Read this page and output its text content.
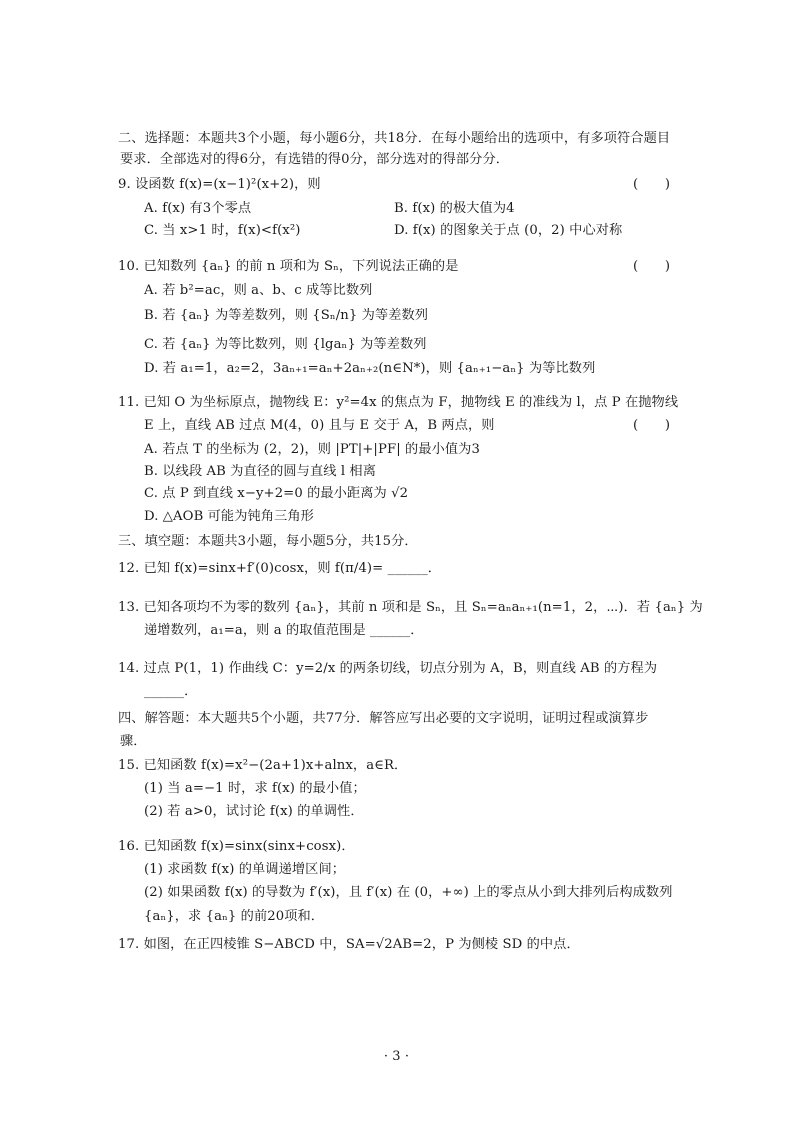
二、选择题：本题共3个小题，每小题6分，共18分．在每小题给出的选项中，有多项符合题目
要求．全部选对的得6分，有选错的得0分，部分选对的得部分分．
9. 设函数 f(x)=(x−1)²(x+2)，则	(　　)
A. f(x) 有3个零点	B. f(x) 的极大值为4
C. 当 x>1 时，f(x)<f(x²)	D. f(x) 的图象关于点 (0，2) 中心对称
10. 已知数列 {aₙ} 的前 n 项和为 Sₙ，下列说法正确的是	(　　)
A. 若 b²=ac，则 a、b、c 成等比数列
B. 若 {aₙ} 为等差数列，则 {Sₙ/n} 为等差数列
C. 若 {aₙ} 为等比数列，则 {lgaₙ} 为等差数列
D. 若 a₁=1，a₂=2，3aₙ₊₁=aₙ+2aₙ₊₂(n∈N*)，则 {aₙ₊₁−aₙ} 为等比数列
11. 已知 O 为坐标原点，抛物线 E：y²=4x 的焦点为 F，抛物线 E 的准线为 l，点 P 在抛物线
E 上，直线 AB 过点 M(4，0) 且与 E 交于 A，B 两点，则	(　　)
A. 若点 T 的坐标为 (2，2)，则 |PT|+|PF| 的最小值为3
B. 以线段 AB 为直径的圆与直线 l 相离
C. 点 P 到直线 x−y+2=0 的最小距离为 √2
D. △AOB 可能为钝角三角形
三、填空题：本题共3小题，每小题5分，共15分．
12. 已知 f(x)=sinx+f′(0)cosx，则 f(π/4)= ______．
13. 已知各项均不为零的数列 {aₙ}，其前 n 项和是 Sₙ，且 Sₙ=aₙaₙ₊₁(n=1，2，⋯)．若 {aₙ} 为
递增数列，a₁=a，则 a 的取值范围是 ______．
14. 过点 P(1，1) 作曲线 C：y=2/x 的两条切线，切点分别为 A，B，则直线 AB 的方程为
______．
四、解答题：本大题共5个小题，共77分．解答应写出必要的文字说明，证明过程或演算步
骤．
15. 已知函数 f(x)=x²−(2a+1)x+alnx，a∈R．
(1) 当 a=−1 时，求 f(x) 的最小值；
(2) 若 a>0，试讨论 f(x) 的单调性．
16. 已知函数 f(x)=sinx(sinx+cosx)．
(1) 求函数 f(x) 的单调递增区间；
(2) 如果函数 f(x) 的导数为 f′(x)，且 f′(x) 在 (0，+∞) 上的零点从小到大排列后构成数列
{aₙ}，求 {aₙ} 的前20项和．
17. 如图，在正四棱锥 S−ABCD 中，SA=√2AB=2，P 为侧棱 SD 的中点．
· 3 ·
